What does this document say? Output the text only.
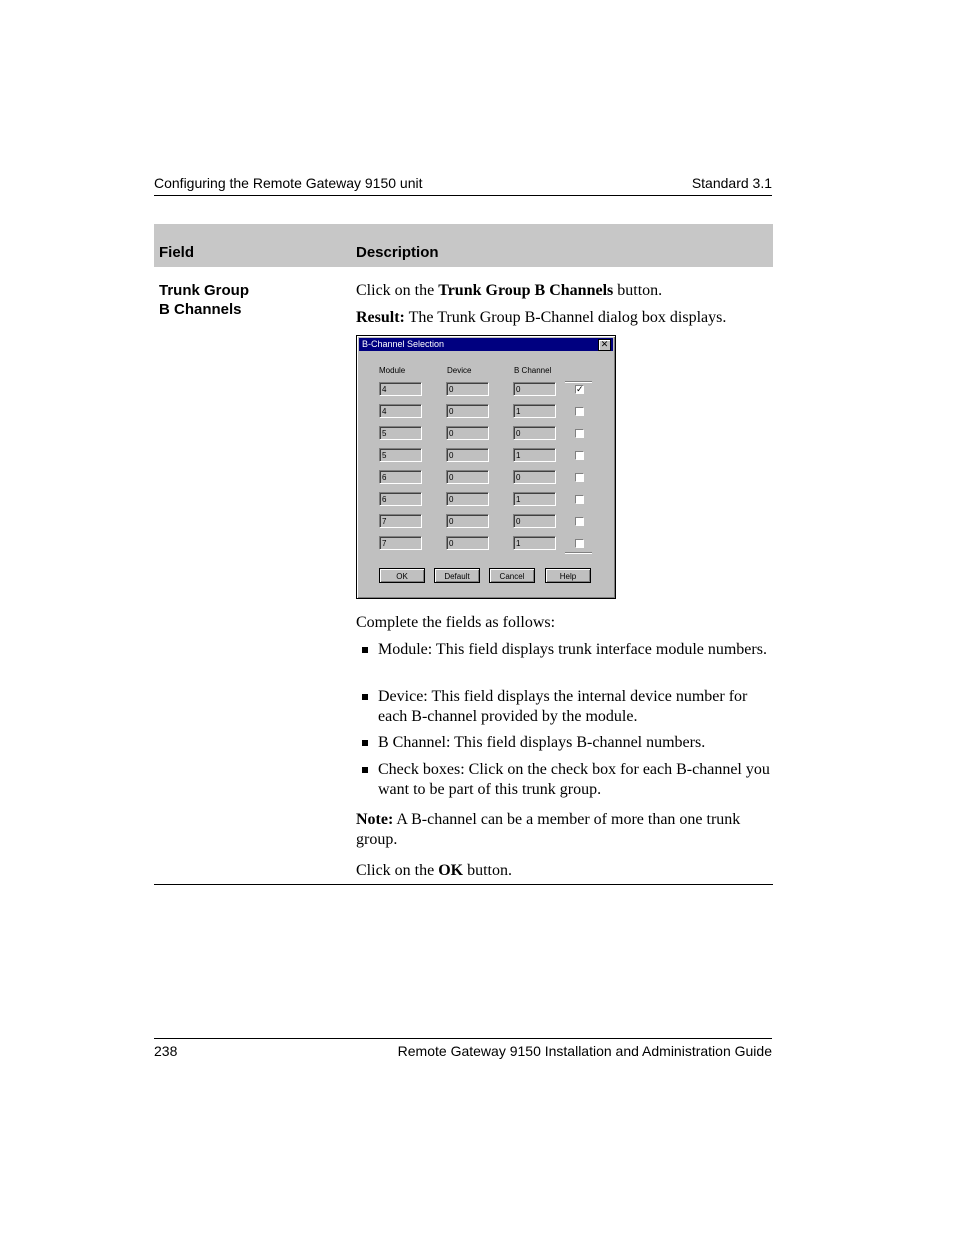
Configuring the Remote Gateway 9150 unit	Standard 3.1
Field	Description
Trunk Group
B Channels
Click on the Trunk Group B Channels button.
Result: The Trunk Group B-Channel dialog box displays.
B-Channel Selection	✕
Module	Device	B Channel
4	0	0	✓
4	0	1
5	0	0
5	0	1
6	0	0
6	0	1
7	0	0
7	0	1
OK	Default	Cancel	Help
Complete the fields as follows:
Module: This field displays trunk interface module numbers.
Device: This field displays the internal device number for each B-channel provided by the module.
B Channel: This field displays B-channel numbers.
Check boxes: Click on the check box for each B-channel you want to be part of this trunk group.
Note: A B-channel can be a member of more than one trunk group.
Click on the OK button.
238	Remote Gateway 9150 Installation and Administration Guide
